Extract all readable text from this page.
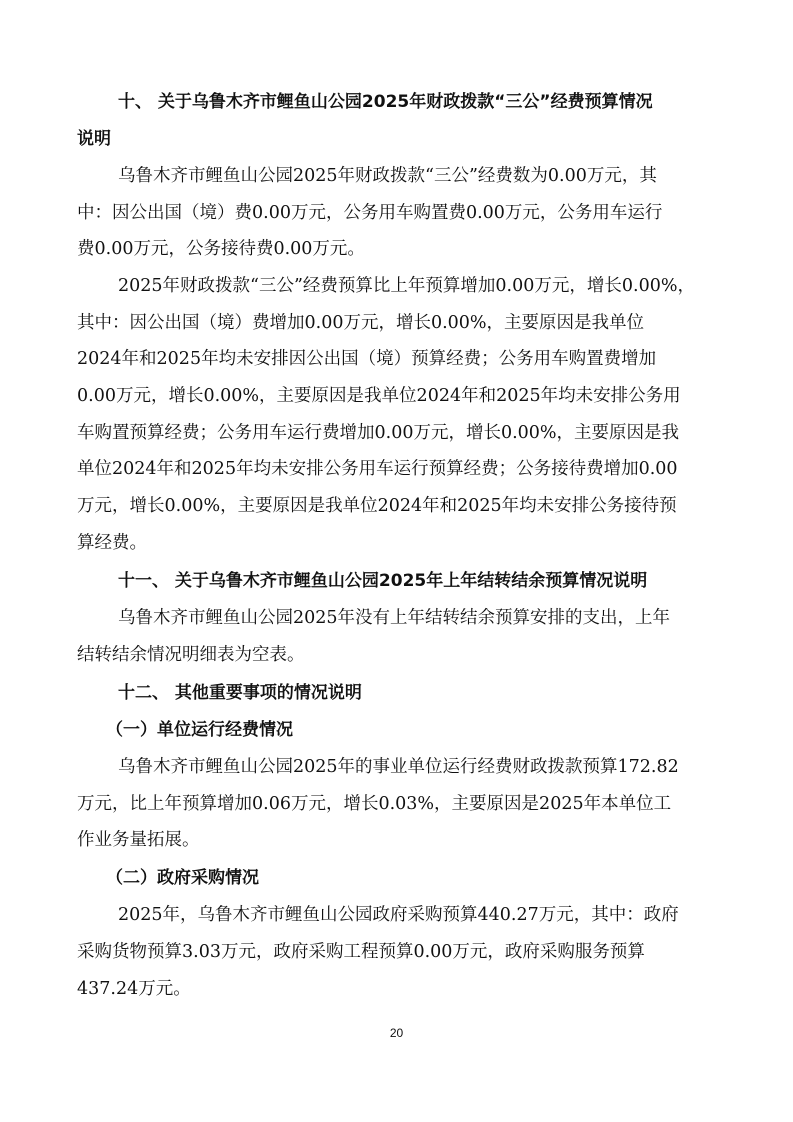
十、 关于乌鲁木齐市鲤鱼山公园2025年财政拨款“三公”经费预算情况
说明
乌鲁木齐市鲤鱼山公园2025年财政拨款“三公”经费数为0.00万元，其
中：因公出国（境）费0.00万元，公务用车购置费0.00万元，公务用车运行
费0.00万元，公务接待费0.00万元。
2025年财政拨款“三公”经费预算比上年预算增加0.00万元，增长0.00%，
其中：因公出国（境）费增加0.00万元，增长0.00%，主要原因是我单位
2024年和2025年均未安排因公出国（境）预算经费；公务用车购置费增加
0.00万元，增长0.00%，主要原因是我单位2024年和2025年均未安排公务用
车购置预算经费；公务用车运行费增加0.00万元，增长0.00%，主要原因是我
单位2024年和2025年均未安排公务用车运行预算经费；公务接待费增加0.00
万元，增长0.00%，主要原因是我单位2024年和2025年均未安排公务接待预
算经费。
十一、 关于乌鲁木齐市鲤鱼山公园2025年上年结转结余预算情况说明
乌鲁木齐市鲤鱼山公园2025年没有上年结转结余预算安排的支出，上年
结转结余情况明细表为空表。
十二、 其他重要事项的情况说明
（一）单位运行经费情况
乌鲁木齐市鲤鱼山公园2025年的事业单位运行经费财政拨款预算172.82
万元，比上年预算增加0.06万元，增长0.03%，主要原因是2025年本单位工
作业务量拓展。
（二）政府采购情况
2025年，乌鲁木齐市鲤鱼山公园政府采购预算440.27万元，其中：政府
采购货物预算3.03万元，政府采购工程预算0.00万元，政府采购服务预算
437.24万元。
20
